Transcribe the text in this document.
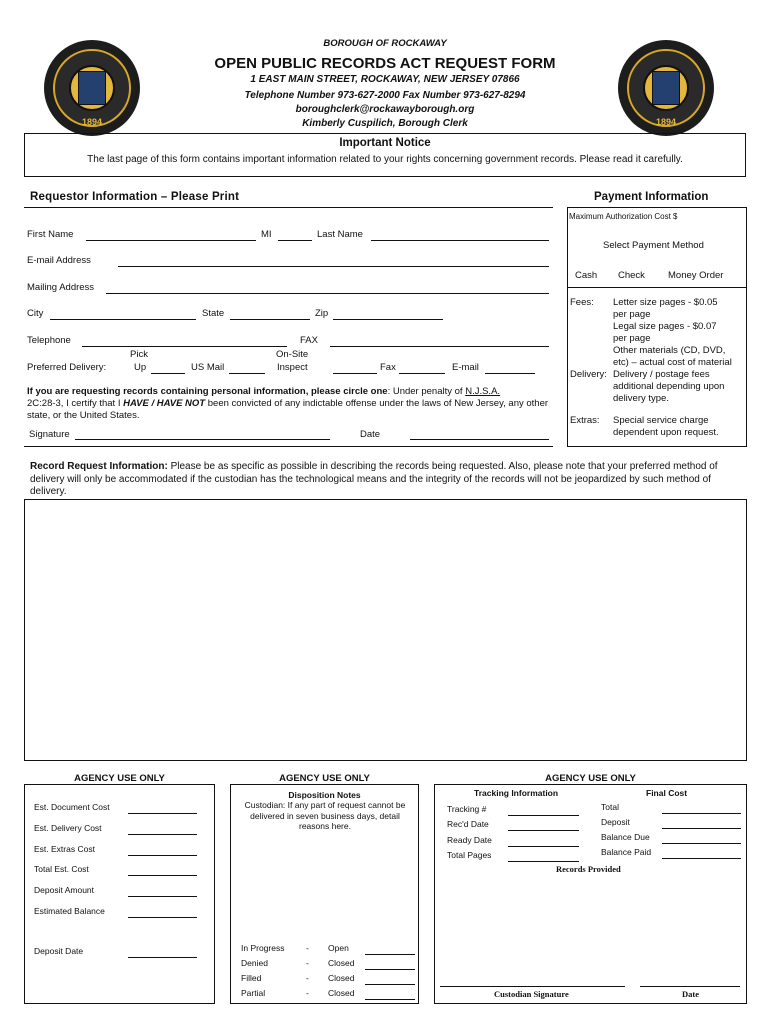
1894	1894
BOROUGH OF ROCKAWAY
OPEN PUBLIC RECORDS ACT REQUEST FORM
1 EAST MAIN STREET, ROCKAWAY, NEW JERSEY 07866
Telephone Number 973-627-2000 Fax Number 973-627-8294
boroughclerk@rockawayborough.org
Kimberly Cuspilich, Borough Clerk
Important Notice
The last page of this form contains important information related to your rights concerning government records. Please read it carefully.
Requestor Information – Please Print
First Name	MI	Last Name
E-mail Address
Mailing Address
City	State	Zip
Telephone	FAX
Pick	On-Site
Preferred Delivery:	Up	US Mail	Inspect	Fax	E-mail
If you are requesting records containing personal information, please circle one: Under penalty of N.J.S.A.
2C:28-3, I certify that I HAVE / HAVE NOT been convicted of any indictable offense under the laws of New Jersey, any other state, or the United States.
Signature	Date
Payment Information
Maximum Authorization Cost $
Select Payment Method
Cash Check Money Order
Fees: Letter size pages - $0.05
per page
Legal size pages - $0.07
per page
Other materials (CD, DVD,
etc) – actual cost of material
Delivery: Delivery / postage fees
additional depending upon
delivery type.
Extras: Special service charge
dependent upon request.
Record Request Information: Please be as specific as possible in describing the records being requested. Also, please note that your preferred method of delivery will only be accommodated if the custodian has the technological means and the integrity of the records will not be jeopardized by such method of delivery.
AGENCY USE ONLY
Est. Document Cost
Est. Delivery Cost
Est. Extras Cost
Total Est. Cost
Deposit Amount
Estimated Balance
Deposit Date
AGENCY USE ONLY
Disposition Notes
Custodian: If any part of request cannot be delivered in seven business days, detail reasons here.
In Progress	- Open
Denied	- Closed
Filled	- Closed
Partial	- Closed
AGENCY USE ONLY
Tracking Information	Final Cost
Tracking #
Rec'd Date
Ready Date
Total Pages
Total
Deposit
Balance Due
Balance Paid
Records Provided
Custodian Signature	Date
